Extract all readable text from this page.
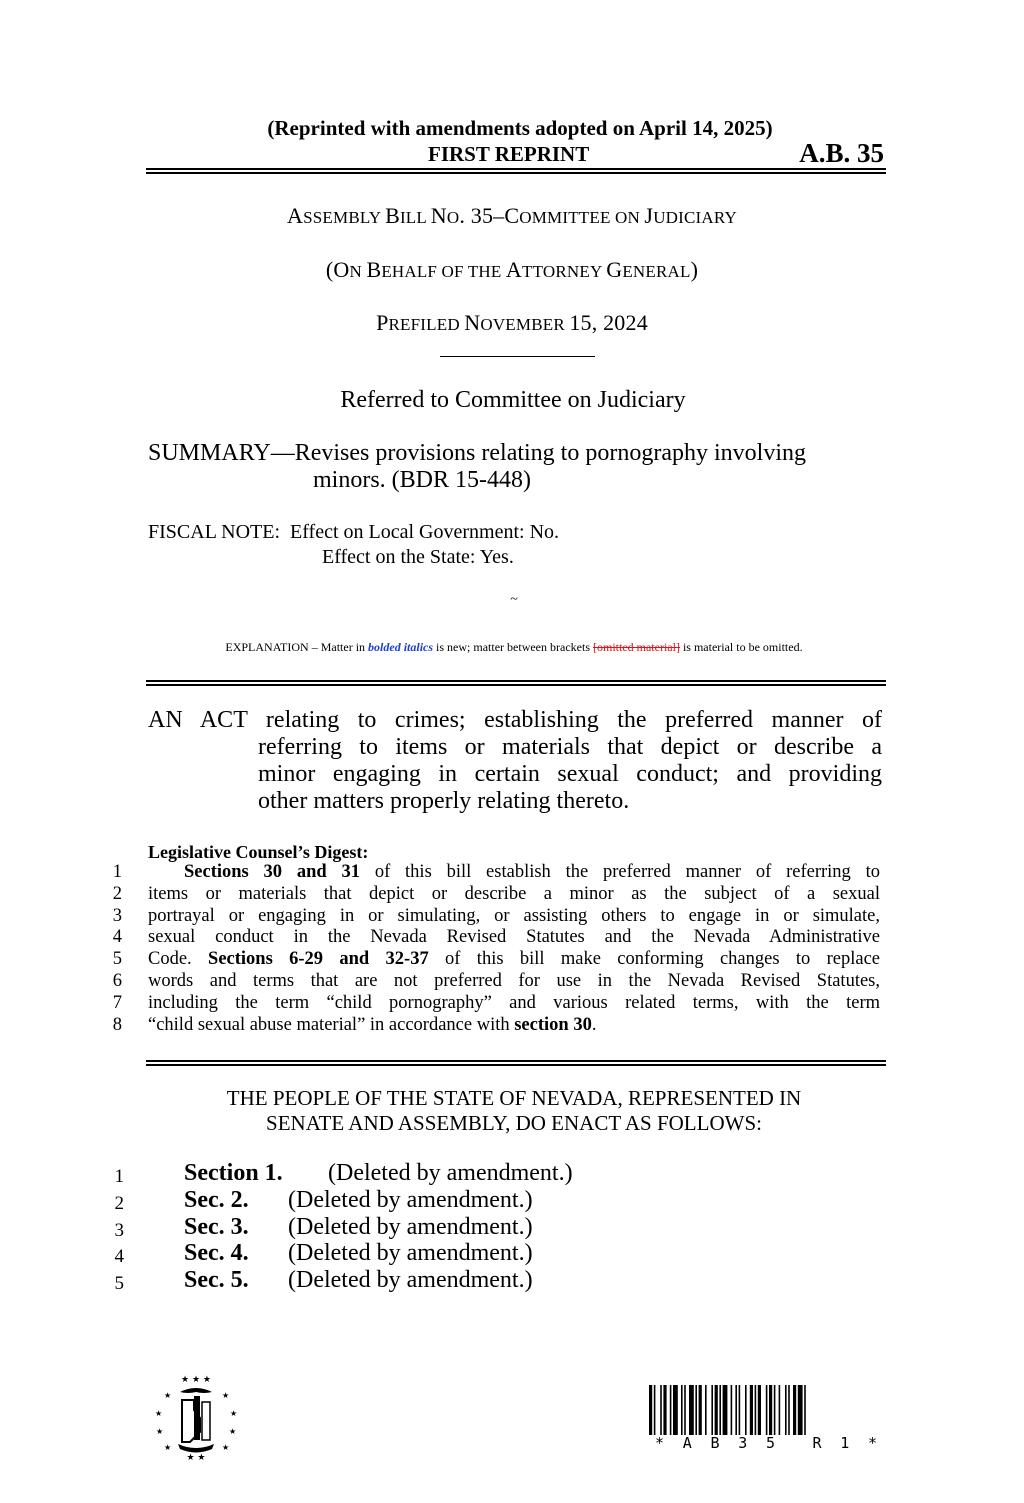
(Reprinted with amendments adopted on April 14, 2025)
FIRST REPRINT	A.B. 35
ASSEMBLY BILL NO. 35–COMMITTEE ON JUDICIARY
(ON BEHALF OF THE ATTORNEY GENERAL)
PREFILED NOVEMBER 15, 2024
Referred to Committee on Judiciary
SUMMARY—Revises provisions relating to pornography involving
minors. (BDR 15-448)
FISCAL NOTE:  Effect on Local Government: No.
Effect on the State: Yes.
~
EXPLANATION – Matter in bolded italics is new; matter between brackets [omitted material] is material to be omitted.

AN ACT relating to crimes; establishing the preferred manner of

referring to items or materials that depict or describe a

minor engaging in certain sexual conduct; and providing

other matters properly relating thereto.

Legislative Counsel’s Digest:
1
2
3
4
5
6
7
8

Sections 30 and 31 of this bill establish the preferred manner of referring to

items or materials that depict or describe a minor as the subject of a sexual

portrayal or engaging in or simulating, or assisting others to engage in or simulate,

sexual conduct in the Nevada Revised Statutes and the Nevada Administrative

Code. Sections 6-29 and 32-37 of this bill make conforming changes to replace

words and terms that are not preferred for use in the Nevada Revised Statutes,

including the term “child pornography” and various related terms, with the term

“child sexual abuse material” in accordance with section 30.

THE PEOPLE OF THE STATE OF NEVADA, REPRESENTED IN
SENATE AND ASSEMBLY, DO ENACT AS FOLLOWS:
1
2
3
4
5
Section 1. (Deleted by amendment.)
Sec. 2. (Deleted by amendment.)
Sec. 3. (Deleted by amendment.)
Sec. 4. (Deleted by amendment.)
Sec. 5. (Deleted by amendment.)
★ ★ ★
★	★
★	★
★	★
★	★
★ ★
* A B 3 5 R 1 *
